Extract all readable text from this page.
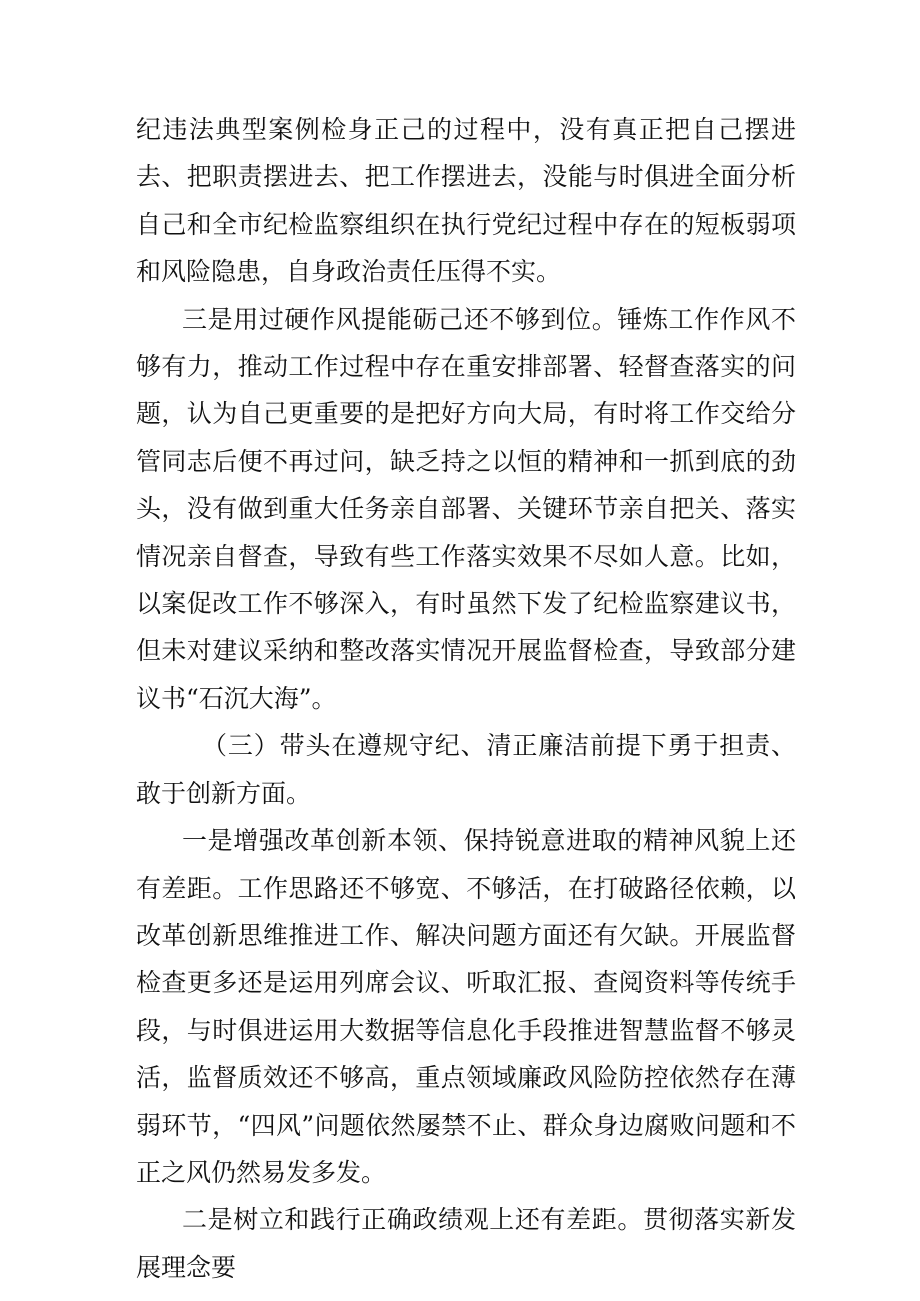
纪违法典型案例检身正己的过程中，没有真正把自己摆进去、把职责摆进去、把工作摆进去，没能与时俱进全面分析自己和全市纪检监察组织在执行党纪过程中存在的短板弱项和风险隐患，自身政治责任压得不实。

三是用过硬作风提能砺己还不够到位。锤炼工作作风不够有力，推动工作过程中存在重安排部署、轻督查落实的问题，认为自己更重要的是把好方向大局，有时将工作交给分管同志后便不再过问，缺乏持之以恒的精神和一抓到底的劲头，没有做到重大任务亲自部署、关键环节亲自把关、落实情况亲自督查，导致有些工作落实效果不尽如人意。比如，以案促改工作不够深入，有时虽然下发了纪检监察建议书，但未对建议采纳和整改落实情况开展监督检查，导致部分建议书“石沉大海”。

（三）带头在遵规守纪、清正廉洁前提下勇于担责、敢于创新方面。

一是增强改革创新本领、保持锐意进取的精神风貌上还有差距。工作思路还不够宽、不够活，在打破路径依赖，以改革创新思维推进工作、解决问题方面还有欠缺。开展监督检查更多还是运用列席会议、听取汇报、查阅资料等传统手段，与时俱进运用大数据等信息化手段推进智慧监督不够灵活，监督质效还不够高，重点领域廉政风险防控依然存在薄弱环节，“四风”问题依然屡禁不止、群众身边腐败问题和不正之风仍然易发多发。

二是树立和践行正确政绩观上还有差距。贯彻落实新发展理念要
